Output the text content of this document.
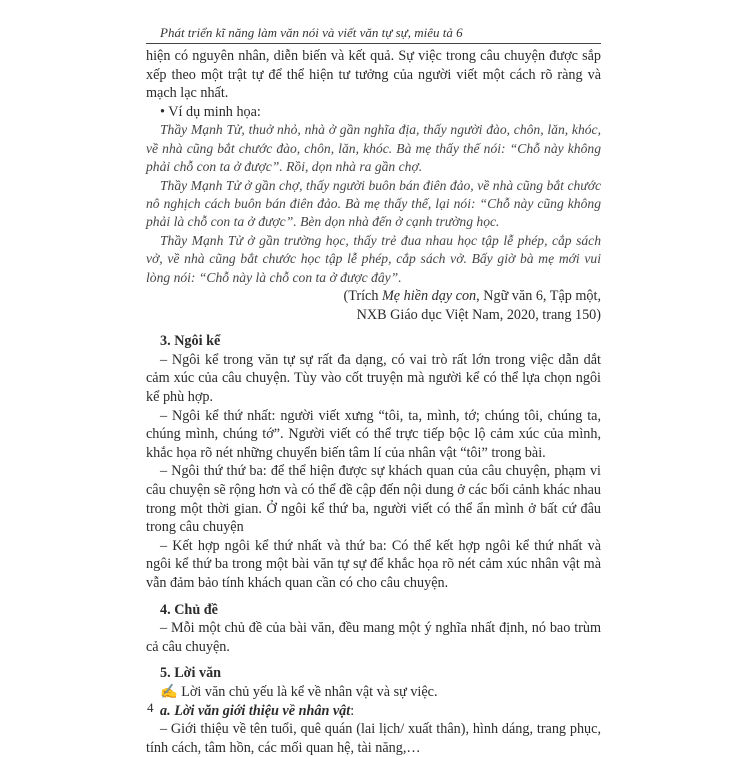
Phát triển kĩ năng làm văn nói và viết văn tự sự, miêu tả 6

hiện có nguyên nhân, diễn biến và kết quả. Sự việc trong câu chuyện được sắp xếp theo một trật tự để thể hiện tư tưởng của người viết một cách rõ ràng và mạch lạc nhất.

• Ví dụ minh họa:

Thầy Mạnh Tử, thuở nhỏ, nhà ở gần nghĩa địa, thấy người đào, chôn, lăn, khóc, về nhà cũng bắt chước đào, chôn, lăn, khóc. Bà mẹ thấy thế nói: “Chỗ này không phải chỗ con ta ở được”. Rồi, dọn nhà ra gần chợ.

Thầy Mạnh Tử ở gần chợ, thấy người buôn bán điên đảo, về nhà cũng bắt chước nô nghịch cách buôn bán điên đảo. Bà mẹ thấy thế, lại nói: “Chỗ này cũng không phải là chỗ con ta ở được”. Bèn dọn nhà đến ở cạnh trường học.

Thầy Mạnh Tử ở gần trường học, thấy trẻ đua nhau học tập lễ phép, cắp sách vở, về nhà cũng bắt chước học tập lễ phép, cắp sách vở. Bấy giờ bà mẹ mới vui lòng nói: “Chỗ này là chỗ con ta ở được đây”.

(Trích Mẹ hiền dạy con, Ngữ văn 6, Tập một,

NXB Giáo dục Việt Nam, 2020, trang 150)

3. Ngôi kể

– Ngôi kể trong văn tự sự rất đa dạng, có vai trò rất lớn trong việc dẫn dắt cảm xúc của câu chuyện. Tùy vào cốt truyện mà người kể có thể lựa chọn ngôi kể phù hợp.

– Ngôi kể thứ nhất: người viết xưng “tôi, ta, mình, tớ; chúng tôi, chúng ta, chúng mình, chúng tớ”. Người viết có thể trực tiếp bộc lộ cảm xúc của mình, khắc họa rõ nét những chuyển biến tâm lí của nhân vật “tôi” trong bài.

– Ngôi thứ thứ ba: để thể hiện được sự khách quan của câu chuyện, phạm vi câu chuyện sẽ rộng hơn và có thể đề cập đến nội dung ở các bối cảnh khác nhau trong một thời gian. Ở ngôi kể thứ ba, người viết có thể ẩn mình ở bất cứ đâu trong câu chuyện

– Kết hợp ngôi kể thứ nhất và thứ ba: Có thể kết hợp ngôi kể thứ nhất và ngôi kể thứ ba trong một bài văn tự sự để khắc họa rõ nét cảm xúc nhân vật mà vẫn đảm bảo tính khách quan cần có cho câu chuyện.

4. Chủ đề

– Mỗi một chủ đề của bài văn, đều mang một ý nghĩa nhất định, nó bao trùm cả câu chuyện.

5. Lời văn

✍ Lời văn chủ yếu là kể về nhân vật và sự việc.

a. Lời văn giới thiệu về nhân vật:

– Giới thiệu về tên tuổi, quê quán (lai lịch/ xuất thân), hình dáng, trang phục, tính cách, tâm hồn, các mối quan hệ, tài năng,…

4
